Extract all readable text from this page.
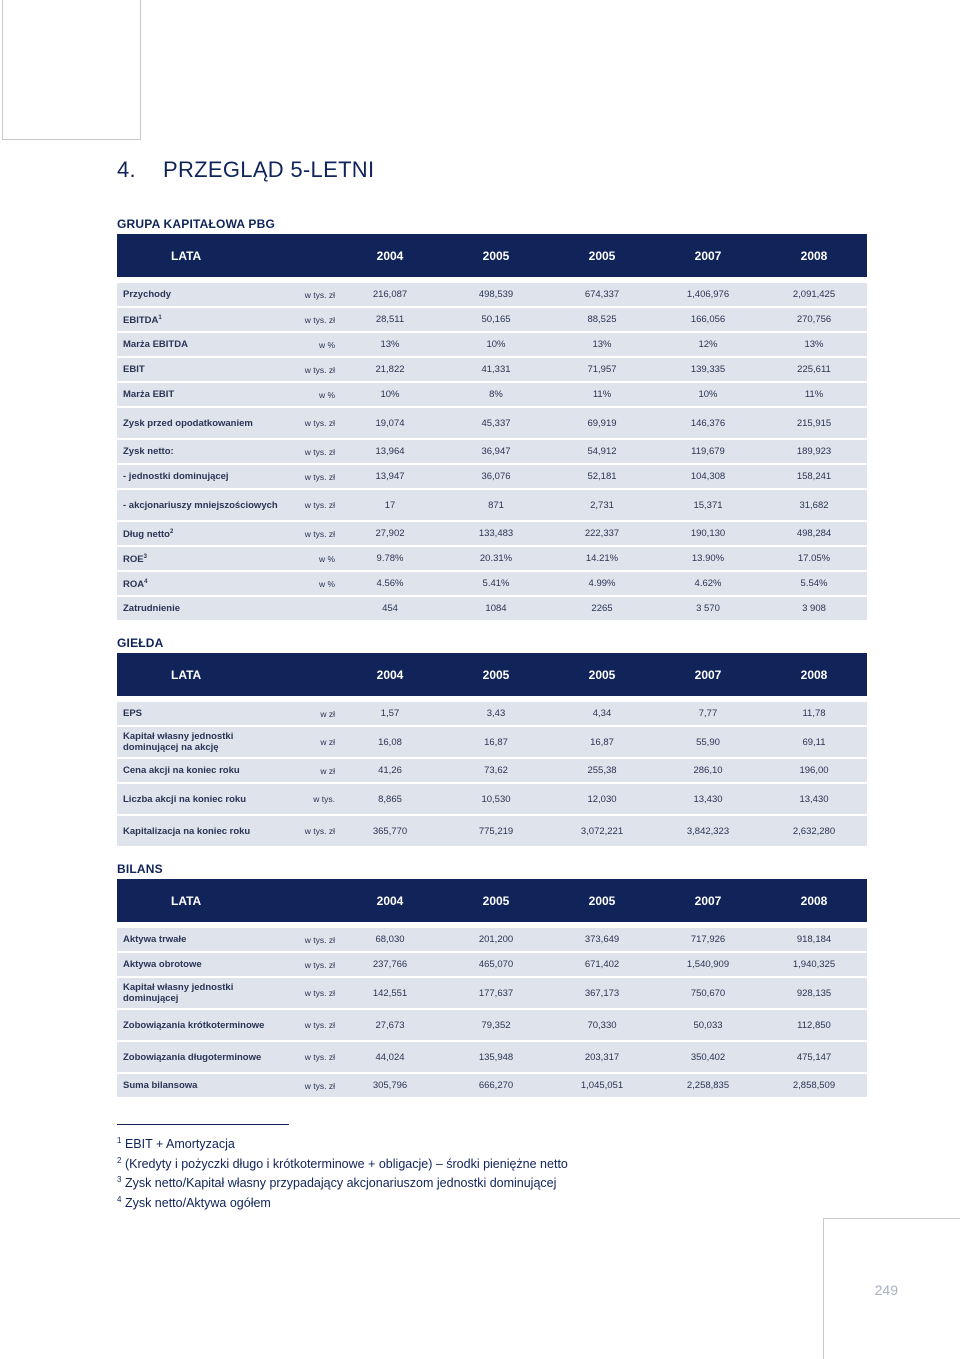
4. PRZEGLĄD 5-LETNI
GRUPA KAPITAŁOWA PBG
LATA		2004	2005	2005	2007	2008
Przychody	w tys. zł	216,087	498,539	674,337	1,406,976	2,091,425
EBITDA$^1$	w tys. zł	28,511	50,165	88,525	166,056	270,756
Marża EBITDA	w %	13%	10%	13%	12%	13%
EBIT	w tys. zł	21,822	41,331	71,957	139,335	225,611
Marża EBIT	w %	10%	8%	11%	10%	11%
Zysk przed opodatkowaniem	w tys. zł	19,074	45,337	69,919	146,376	215,915
Zysk netto:	w tys. zł	13,964	36,947	54,912	119,679	189,923
- jednostki dominującej	w tys. zł	13,947	36,076	52,181	104,308	158,241
- akcjonariuszy mniejszościowych	w tys. zł	17	871	2,731	15,371	31,682
Dług netto$^2$	w tys. zł	27,902	133,483	222,337	190,130	498,284
ROE$^3$	w %	9.78%	20.31%	14.21%	13.90%	17.05%
ROA$^4$	w %	4.56%	5.41%	4.99%	4.62%	5.54%
Zatrudnienie		454	1084	2265	3 570	3 908
GIEŁDA
LATA		2004	2005	2005	2007	2008
EPS	w zł	1,57	3,43	4,34	7,77	11,78
Kapitał własny jednostki dominującej na akcję	w zł	16,08	16,87	16,87	55,90	69,11
Cena akcji na koniec roku	w zł	41,26	73,62	255,38	286,10	196,00
Liczba akcji na koniec roku	w tys.	8,865	10,530	12,030	13,430	13,430
Kapitalizacja na koniec roku	w tys. zł	365,770	775,219	3,072,221	3,842,323	2,632,280
BILANS
LATA		2004	2005	2005	2007	2008
Aktywa trwałe	w tys. zł	68,030	201,200	373,649	717,926	918,184
Aktywa obrotowe	w tys. zł	237,766	465,070	671,402	1,540,909	1,940,325
Kapitał własny jednostki dominującej	w tys. zł	142,551	177,637	367,173	750,670	928,135
Zobowiązania krótkoterminowe	w tys. zł	27,673	79,352	70,330	50,033	112,850
Zobowiązania długoterminowe	w tys. zł	44,024	135,948	203,317	350,402	475,147
Suma bilansowa	w tys. zł	305,796	666,270	1,045,051	2,258,835	2,858,509
$^1$ EBIT + Amortyzacja
$^2$ (Kredyty i pożyczki długo i krótkoterminowe + obligacje) – środki pieniężne netto
$^3$ Zysk netto/Kapitał własny przypadający akcjonariuszom jednostki dominującej
$^4$ Zysk netto/Aktywa ogółem
249
